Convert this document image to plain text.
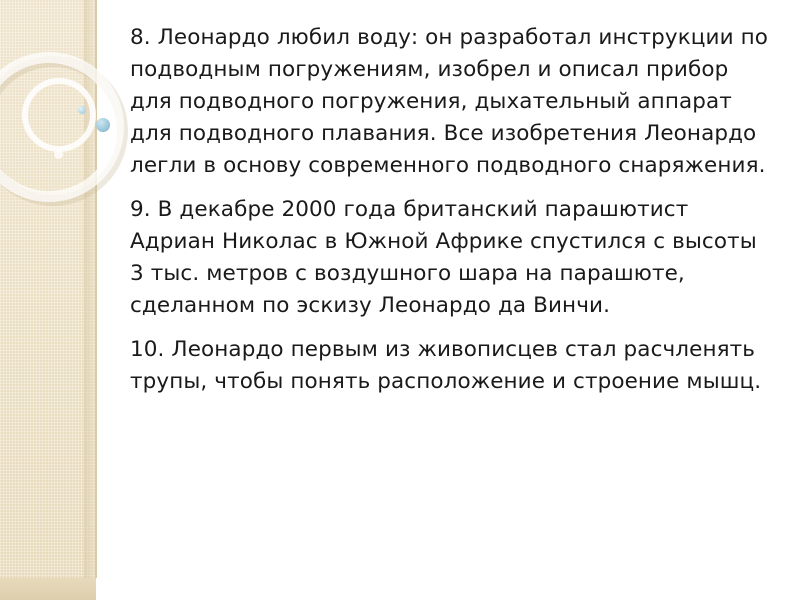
8. Леонардо любил воду: он разработал инструкции по подводным погружениям, изобрел и описал прибор для подводного погружения, дыхательный аппарат для подводного плавания. Все изобретения Леонардо легли в основу современного подводного снаряжения.

9. В декабре 2000 года британский парашютист Адриан Николас в Южной Африке спустился с высоты 3 тыс. метров с воздушного шара на парашюте, сделанном по эскизу Леонардо да Винчи.

10. Леонардо первым из живописцев стал расчленять трупы, чтобы понять расположение и строение мышц.
